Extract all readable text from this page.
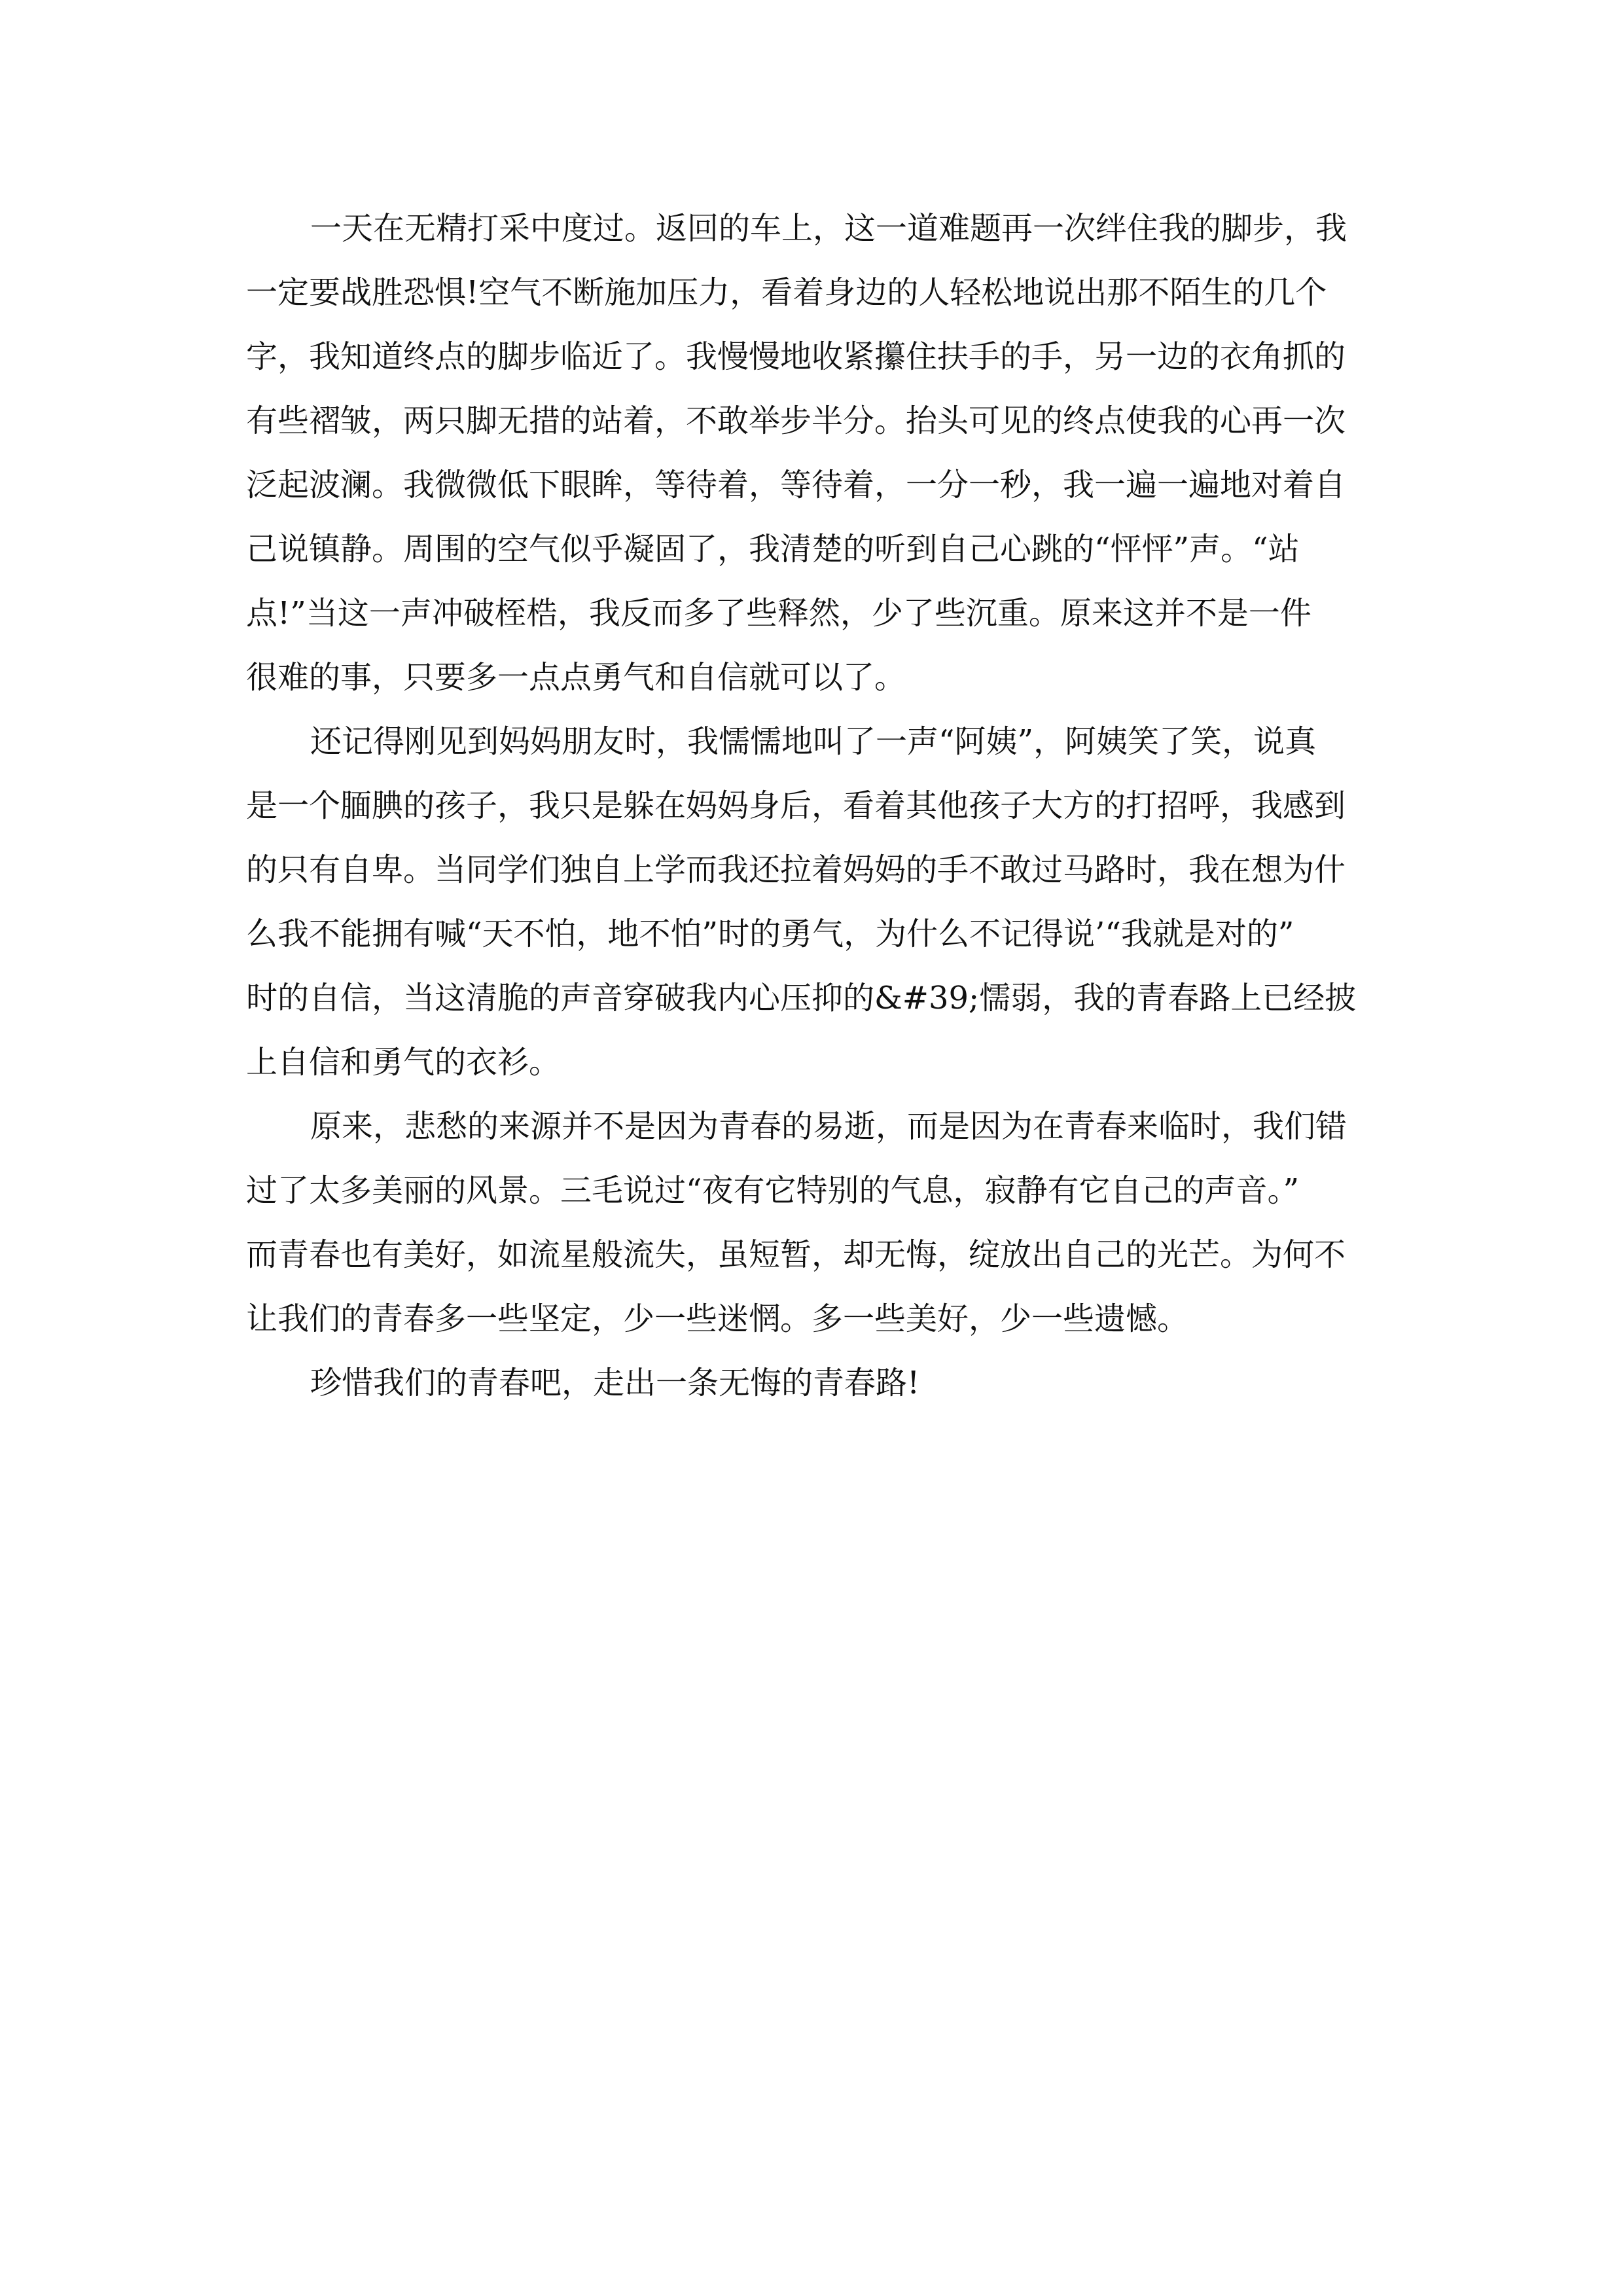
一天在无精打采中度过。返回的车上，这一道难题再一次绊住我的脚步，我
一定要战胜恐惧!空气不断施加压力，看着身边的人轻松地说出那不陌生的几个
字，我知道终点的脚步临近了。我慢慢地收紧攥住扶手的手，另一边的衣角抓的
有些褶皱，两只脚无措的站着，不敢举步半分。抬头可见的终点使我的心再一次
泛起波澜。我微微低下眼眸，等待着，等待着，一分一秒，我一遍一遍地对着自
己说镇静。周围的空气似乎凝固了，我清楚的听到自己心跳的“怦怦”声。“站
点!”当这一声冲破桎梏，我反而多了些释然，少了些沉重。原来这并不是一件
很难的事，只要多一点点勇气和自信就可以了。
还记得刚见到妈妈朋友时，我懦懦地叫了一声“阿姨”，阿姨笑了笑，说真
是一个腼腆的孩子，我只是躲在妈妈身后，看着其他孩子大方的打招呼，我感到
的只有自卑。当同学们独自上学而我还拉着妈妈的手不敢过马路时，我在想为什
么我不能拥有喊“天不怕，地不怕”时的勇气，为什么不记得说’“我就是对的”
时的自信，当这清脆的声音穿破我内心压抑的&#39;懦弱，我的青春路上已经披
上自信和勇气的衣衫。
原来，悲愁的来源并不是因为青春的易逝，而是因为在青春来临时，我们错
过了太多美丽的风景。三毛说过“夜有它特别的气息，寂静有它自己的声音。”
而青春也有美好，如流星般流失，虽短暂，却无悔，绽放出自己的光芒。为何不
让我们的青春多一些坚定，少一些迷惘。多一些美好，少一些遗憾。
珍惜我们的青春吧，走出一条无悔的青春路!
